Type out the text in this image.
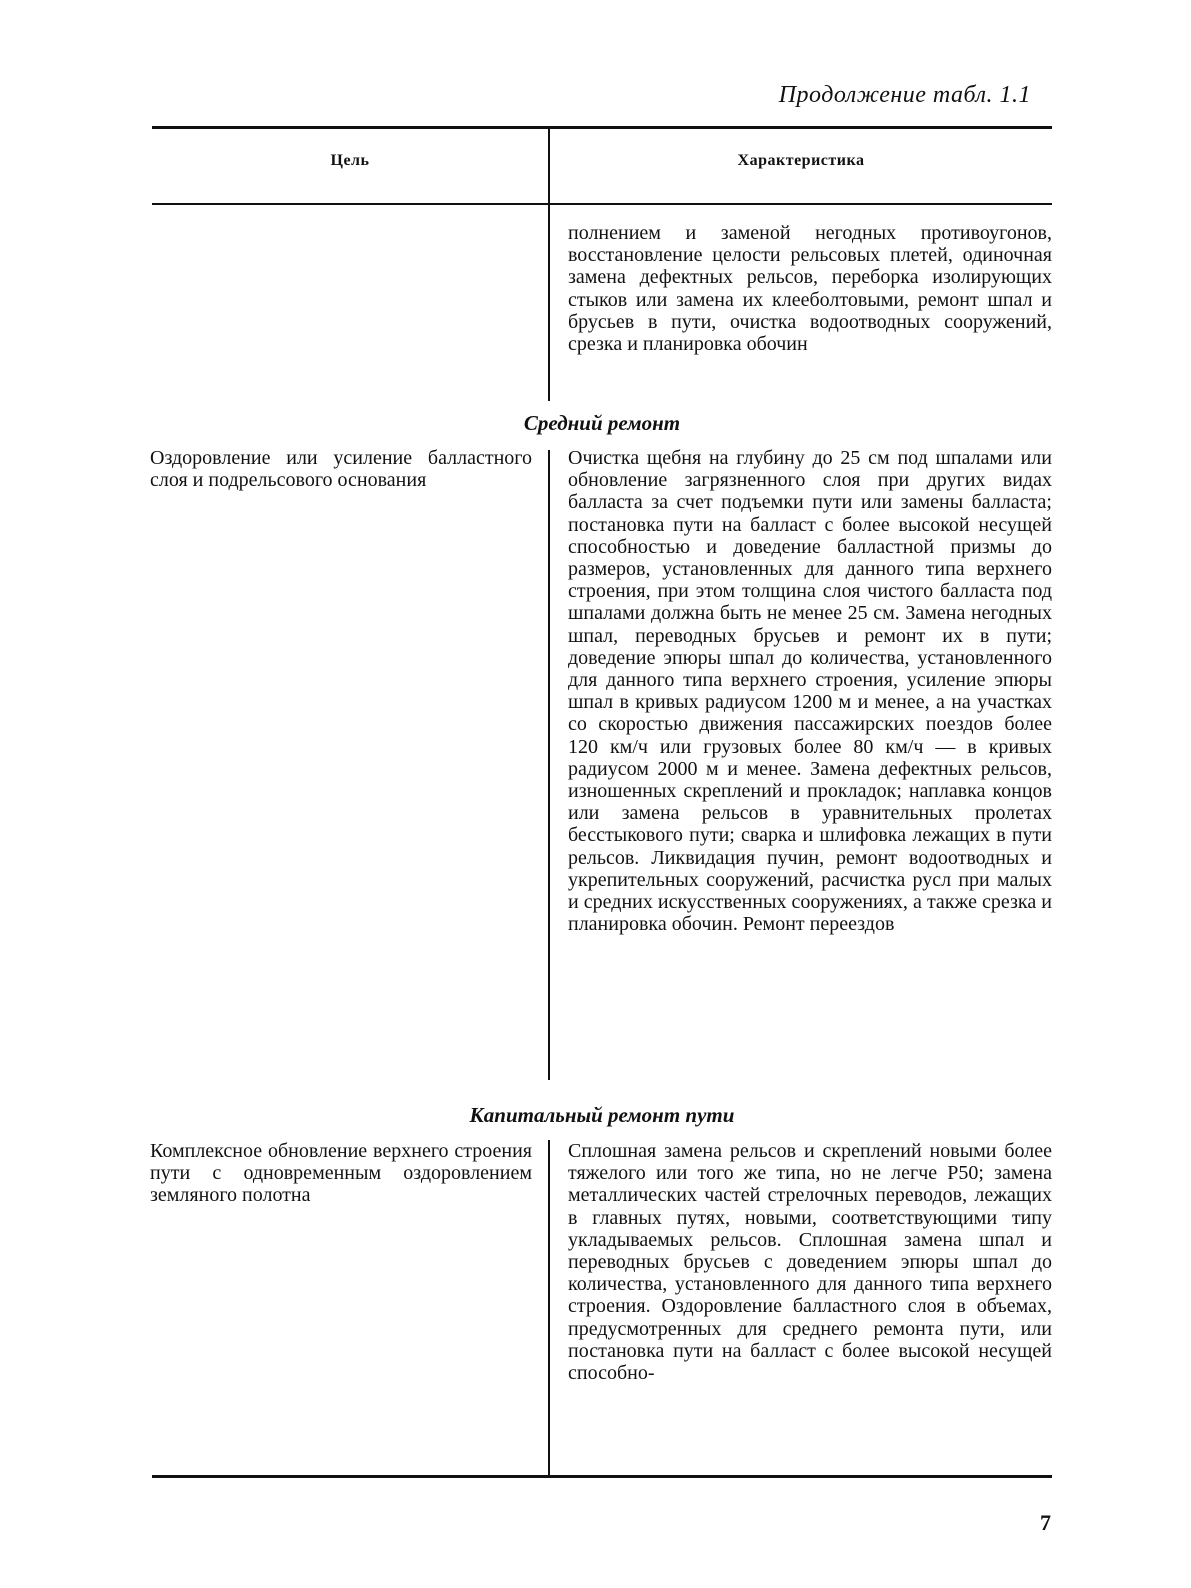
Продолжение табл. 1.1
Цель	Характеристика

полнением и заменой негодных противоугонов, восстановление целости рельсовых плетей, одиночная замена дефектных рельсов, переборка изолирующих стыков или замена их клееболтовыми, ремонт шпал и брусьев в пути, очистка водоотводных сооружений, срезка и планировка обочин

Средний ремонт

Оздоровление или усиление балластного слоя и подрельсового основания

Очистка щебня на глубину до 25 см под шпалами или обновление загрязненного слоя при других видах балласта за счет подъемки пути или замены балласта; постановка пути на балласт с более высокой несущей способностью и доведение балластной призмы до размеров, установленных для данного типа верхнего строения, при этом толщина слоя чистого балласта под шпалами должна быть не менее 25 см. Замена негодных шпал, переводных брусьев и ремонт их в пути; доведение эпюры шпал до количества, установленного для данного типа верхнего строения, усиление эпюры шпал в кривых радиусом 1200 м и менее, а на участках со скоростью движения пассажирских поездов более 120 км/ч или грузовых более 80 км/ч — в кривых радиусом 2000 м и менее. Замена дефектных рельсов, изношенных скреплений и прокладок; наплавка концов или замена рельсов в уравнительных пролетах бесстыкового пути; сварка и шлифовка лежащих в пути рельсов. Ликвидация пучин, ремонт водоотводных и укрепительных сооружений, расчистка русл при малых и средних искусственных сооружениях, а также срезка и планировка обочин. Ремонт переездов

Капитальный ремонт пути

Комплексное обновление верхнего строения пути с одновременным оздоровлением земляного полотна

Сплошная замена рельсов и скреплений новыми более тяжелого или того же типа, но не легче Р50; замена металлических частей стрелочных переводов, лежащих в главных путях, новыми, соответствующими типу укладываемых рельсов. Сплошная замена шпал и переводных брусьев с доведением эпюры шпал до количества, установленного для данного типа верхнего строения. Оздоровление балластного слоя в объемах, предусмотренных для среднего ремонта пути, или постановка пути на балласт с более высокой несущей способно-

7
